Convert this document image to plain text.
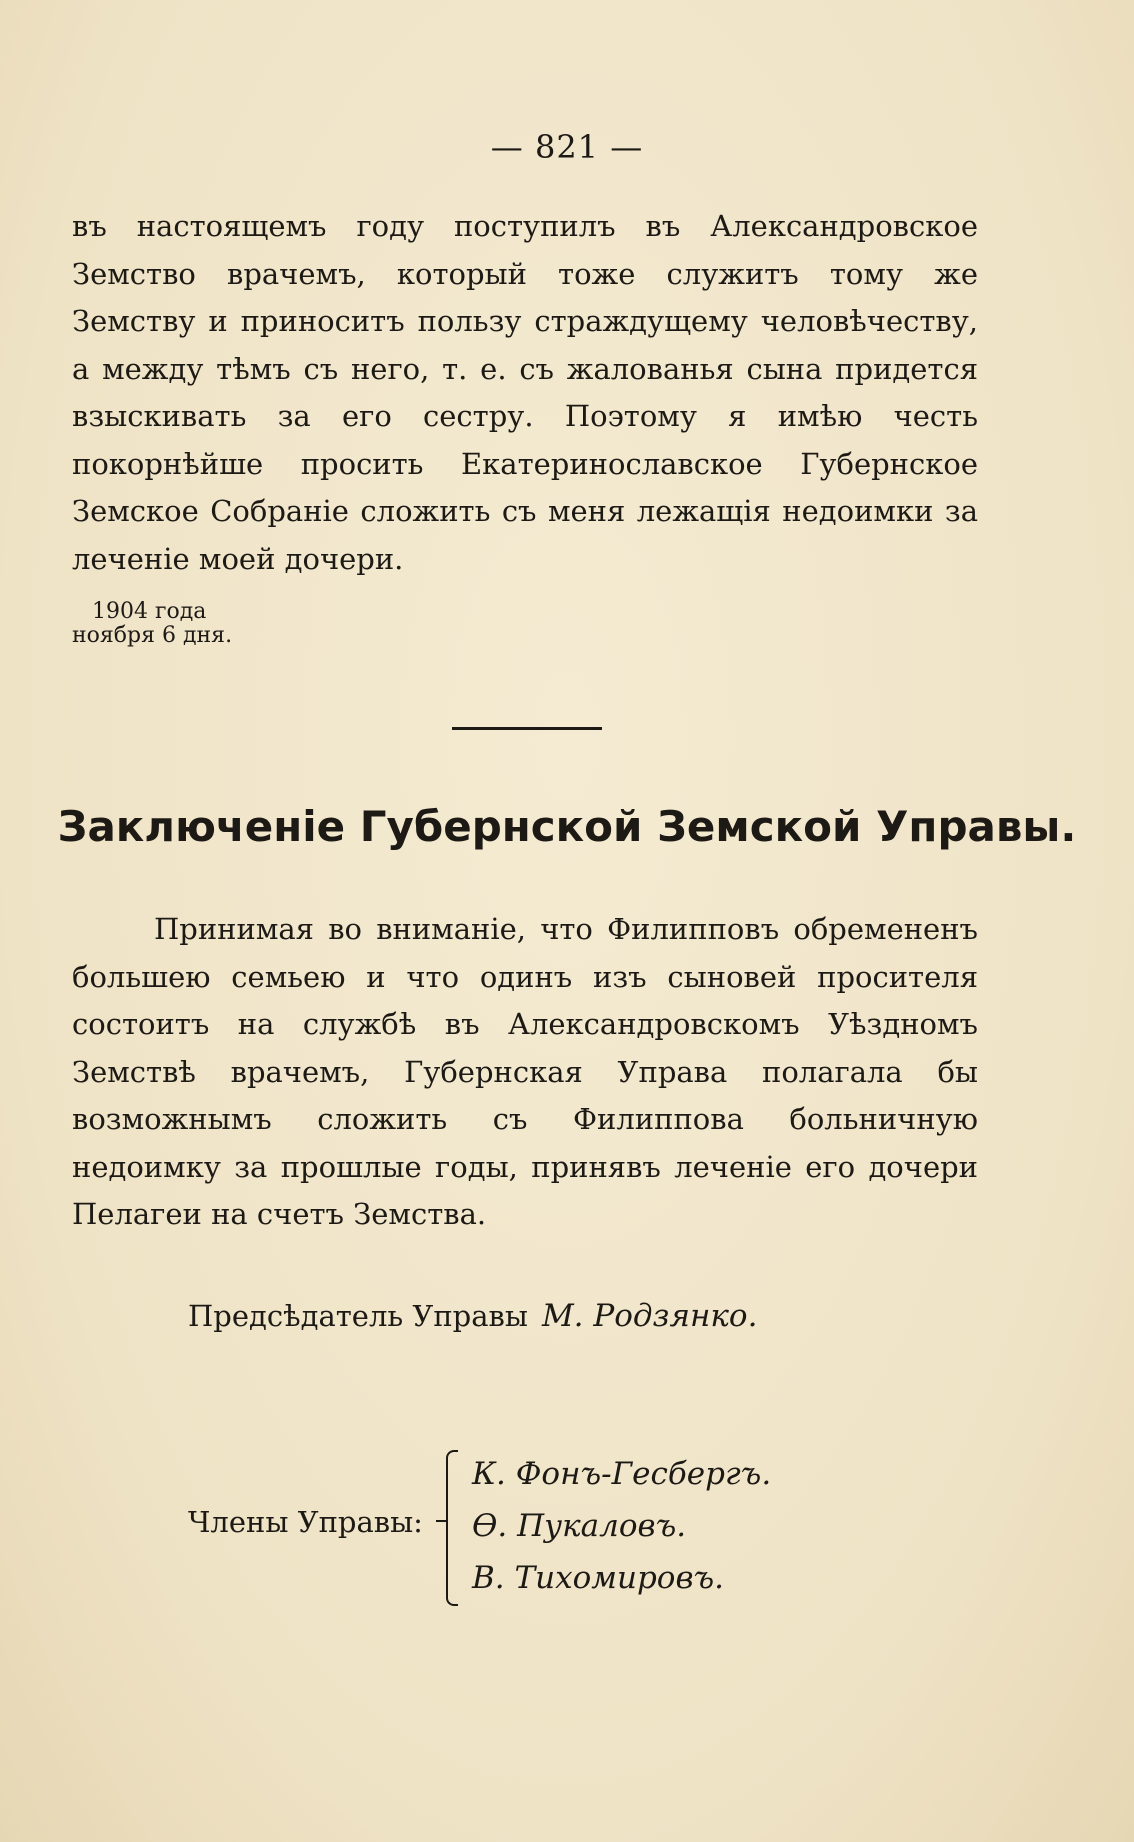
— 821 —
въ настоящемъ году поступилъ въ Александровское Земство врачемъ, который тоже служитъ тому же Земству и приноситъ пользу страждущему человѣчеству, а между тѣмъ съ него, т. е. съ жалованья сына придется взыскивать за его сестру. Поэтому я имѣю честь покорнѣйше просить Екатеринославское Губернское Земское Собраніе сложить съ меня лежащія недоимки за леченіе моей дочери.
1904 года
ноября 6 дня.
Заключеніе Губернской Земской Управы.
Принимая во вниманіе, что Филипповъ обремененъ большею семьею и что одинъ изъ сыновей просителя состоитъ на службѣ въ Александровскомъ Уѣздномъ Земствѣ врачемъ, Губернская Управа полагала бы возможнымъ сложить съ Филиппова больничную недоимку за прошлые годы, принявъ леченіе его дочери Пелагеи на счетъ Земства.
Предсѣдатель Управы М. Родзянко.
Члены Управы:
К. Фонъ-Гесбергъ.
Ѳ. Пукаловъ.
В. Тихомировъ.
